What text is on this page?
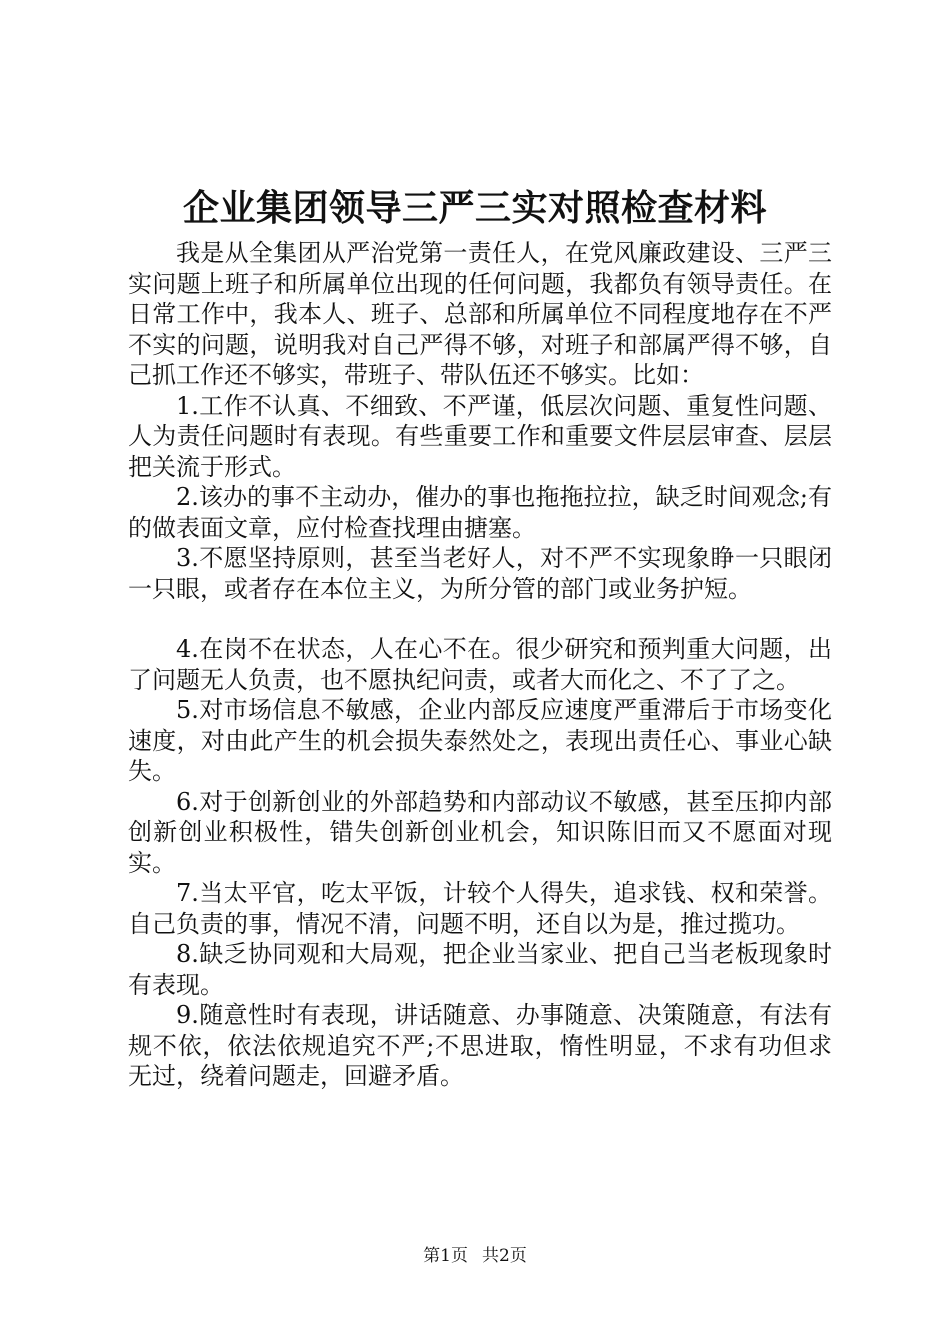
企业集团领导三严三实对照检查材料

我是从全集团从严治党第一责任人，在党风廉政建设、三严三实问题上班子和所属单位出现的任何问题，我都负有领导责任。在日常工作中，我本人、班子、总部和所属单位不同程度地存在不严不实的问题，说明我对自己严得不够，对班子和部属严得不够，自己抓工作还不够实，带班子、带队伍还不够实。比如：

1.工作不认真、不细致、不严谨，低层次问题、重复性问题、人为责任问题时有表现。有些重要工作和重要文件层层审查、层层把关流于形式。

2.该办的事不主动办，催办的事也拖拖拉拉，缺乏时间观念;有的做表面文章，应付检查找理由搪塞。

3.不愿坚持原则，甚至当老好人，对不严不实现象睁一只眼闭一只眼，或者存在本位主义，为所分管的部门或业务护短。

4.在岗不在状态，人在心不在。很少研究和预判重大问题，出了问题无人负责，也不愿执纪问责，或者大而化之、不了了之。

5.对市场信息不敏感，企业内部反应速度严重滞后于市场变化速度，对由此产生的机会损失泰然处之，表现出责任心、事业心缺失。

6.对于创新创业的外部趋势和内部动议不敏感，甚至压抑内部创新创业积极性，错失创新创业机会，知识陈旧而又不愿面对现实。

7.当太平官，吃太平饭，计较个人得失，追求钱、权和荣誉。自己负责的事，情况不清，问题不明，还自以为是，推过揽功。

8.缺乏协同观和大局观，把企业当家业、把自己当老板现象时有表现。

9.随意性时有表现，讲话随意、办事随意、决策随意，有法有规不依，依法依规追究不严;不思进取，惰性明显，不求有功但求无过，绕着问题走，回避矛盾。

第1页 共2页
